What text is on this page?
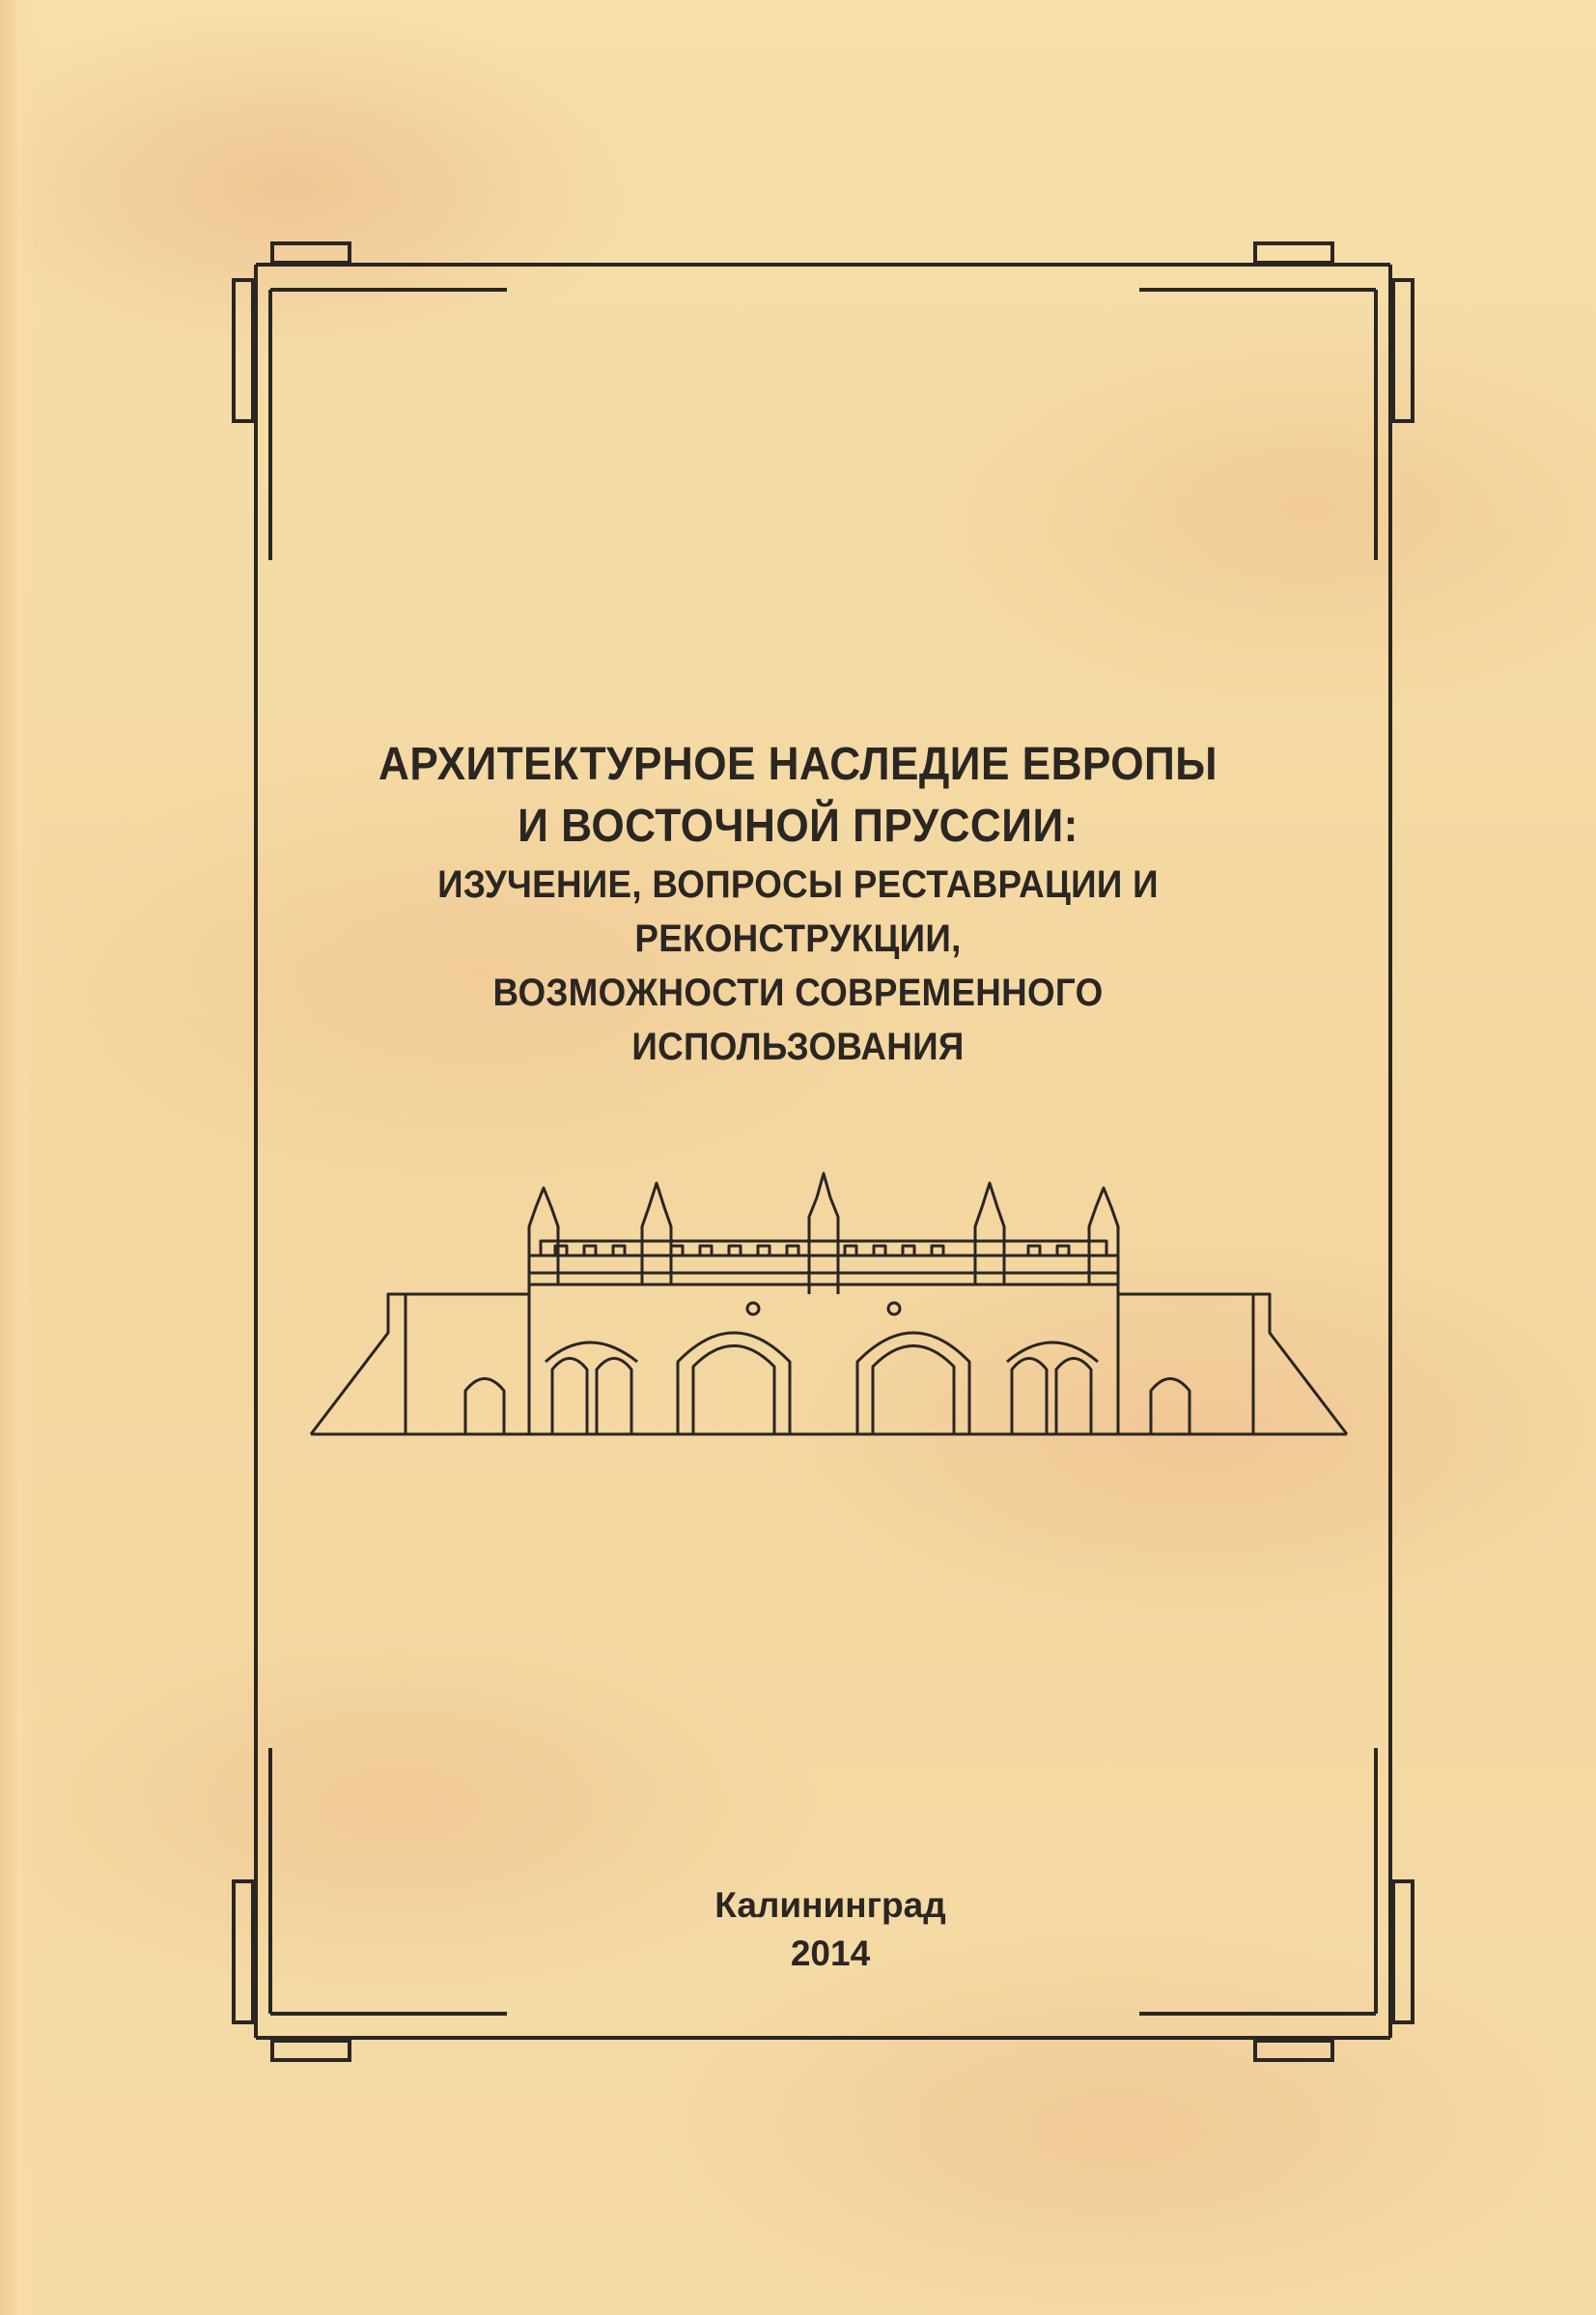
АРХИТЕКТУРНОЕ НАСЛЕДИЕ ЕВРОПЫ
И ВОСТОЧНОЙ ПРУССИИ:
ИЗУЧЕНИЕ, ВОПРОСЫ РЕСТАВРАЦИИ И РЕКОНСТРУКЦИИ,
ВОЗМОЖНОСТИ СОВРЕМЕННОГО ИСПОЛЬЗОВАНИЯ
Калининград
2014
